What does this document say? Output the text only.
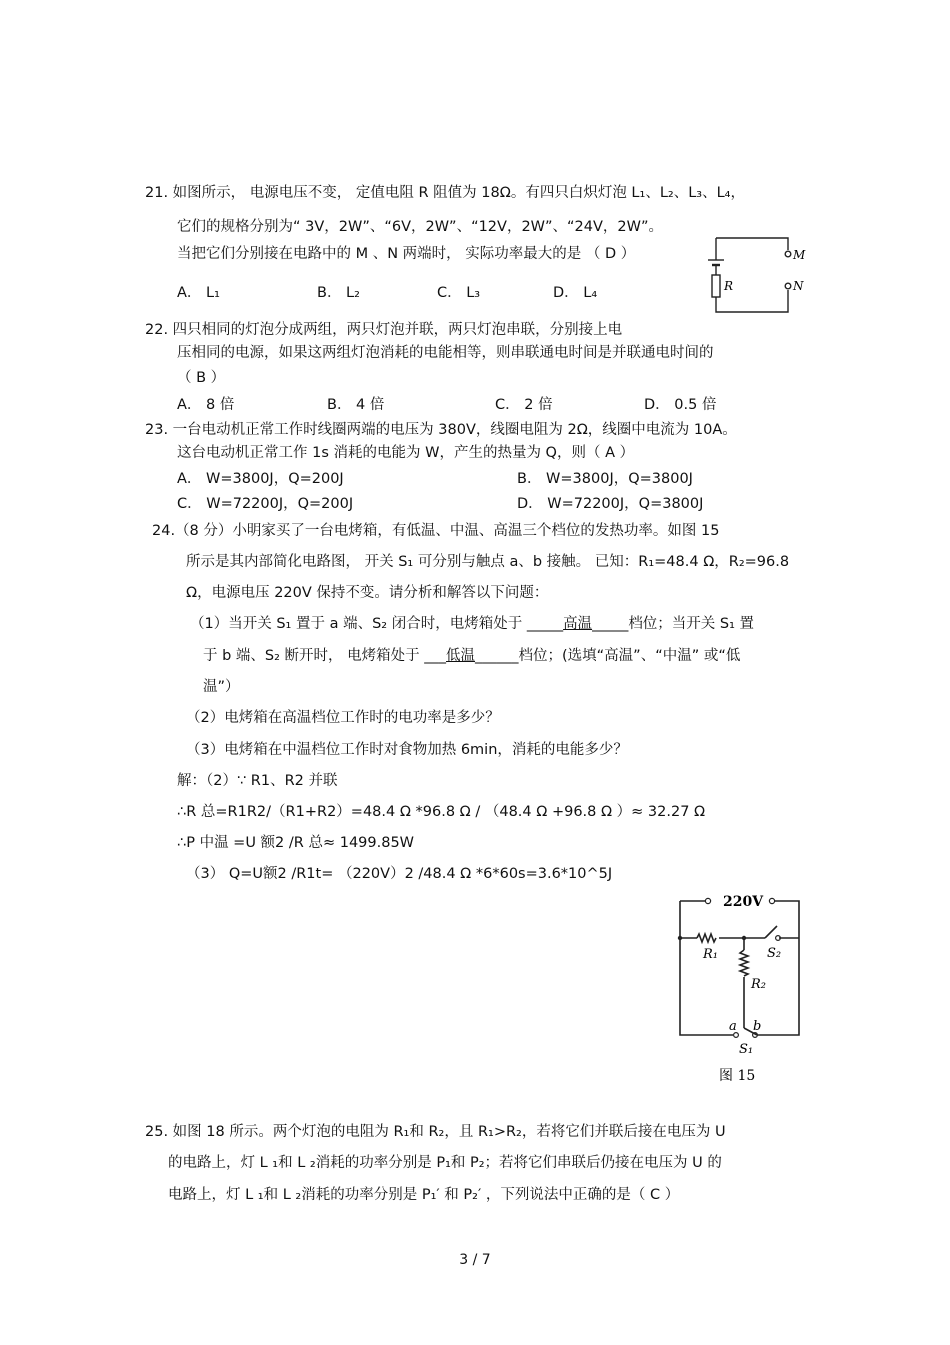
21. 如图所示， 电源电压不变， 定值电阻 R 阻值为 18Ω。有四只白炽灯泡 L₁、L₂、L₃、L₄，
它们的规格分别为“ 3V，2W”、“6V，2W”、“12V，2W”、“24V，2W”。
当把它们分别接在电路中的 M 、N 两端时， 实际功率最大的是 （ D ）
A． L₁	B． L₂	C． L₃	D． L₄	R
M
N
22. 四只相同的灯泡分成两组，两只灯泡并联，两只灯泡串联，分别接上电
压相同的电源，如果这两组灯泡消耗的电能相等，则串联通电时间是并联通电时间的
（ B ）
A． 8 倍	B． 4 倍	C． 2 倍	D． 0.5 倍
23. 一台电动机正常工作时线圈两端的电压为 380V，线圈电阻为 2Ω，线圈中电流为 10A。
这台电动机正常工作 1s 消耗的电能为 W，产生的热量为 Q，则（ A ）
A． W=3800J，Q=200J	B． W=3800J，Q=3800J
C． W=72200J，Q=200J	D． W=72200J，Q=3800J
24.（8 分）小明家买了一台电烤箱，有低温、中温、高温三个档位的发热功率。如图 15
所示是其内部简化电路图， 开关 S₁ 可分别与触点 a、b 接触。 已知：R₁=48.4 Ω，R₂=96.8
Ω，电源电压 220V 保持不变。请分析和解答以下问题：
（1）当开关 S₁ 置于 a 端、S₂ 闭合时，电烤箱处于 _____高温_____档位；当开关 S₁ 置
于 b 端、S₂ 断开时， 电烤箱处于 ___低温______档位；(选填“高温”、“中温” 或“低
温”）
（2）电烤箱在高温档位工作时的电功率是多少？
（3）电烤箱在中温档位工作时对食物加热 6min，消耗的电能多少？
解：（2）∵ R1、R2 并联
∴R 总=R1R2/（R1+R2）=48.4 Ω *96.8 Ω / （48.4 Ω +96.8 Ω ）≈ 32.27 Ω
∴P 中温 =U 额2 /R 总≈ 1499.85W
（3） Q=U额2 /R1t= （220V）2 /48.4 Ω *6*60s=3.6*10^5J
220V
R₁
R₂
S₂
a b
S₁
图 15
25. 如图 18 所示。两个灯泡的电阻为 R₁和 R₂，且 R₁>R₂，若将它们并联后接在电压为 U
的电路上，灯 L ₁和 L ₂消耗的功率分别是 P₁和 P₂；若将它们串联后仍接在电压为 U 的
电路上，灯 L ₁和 L ₂消耗的功率分别是 P₁′ 和 P₂′ ，下列说法中正确的是（ C ）
3 / 7
